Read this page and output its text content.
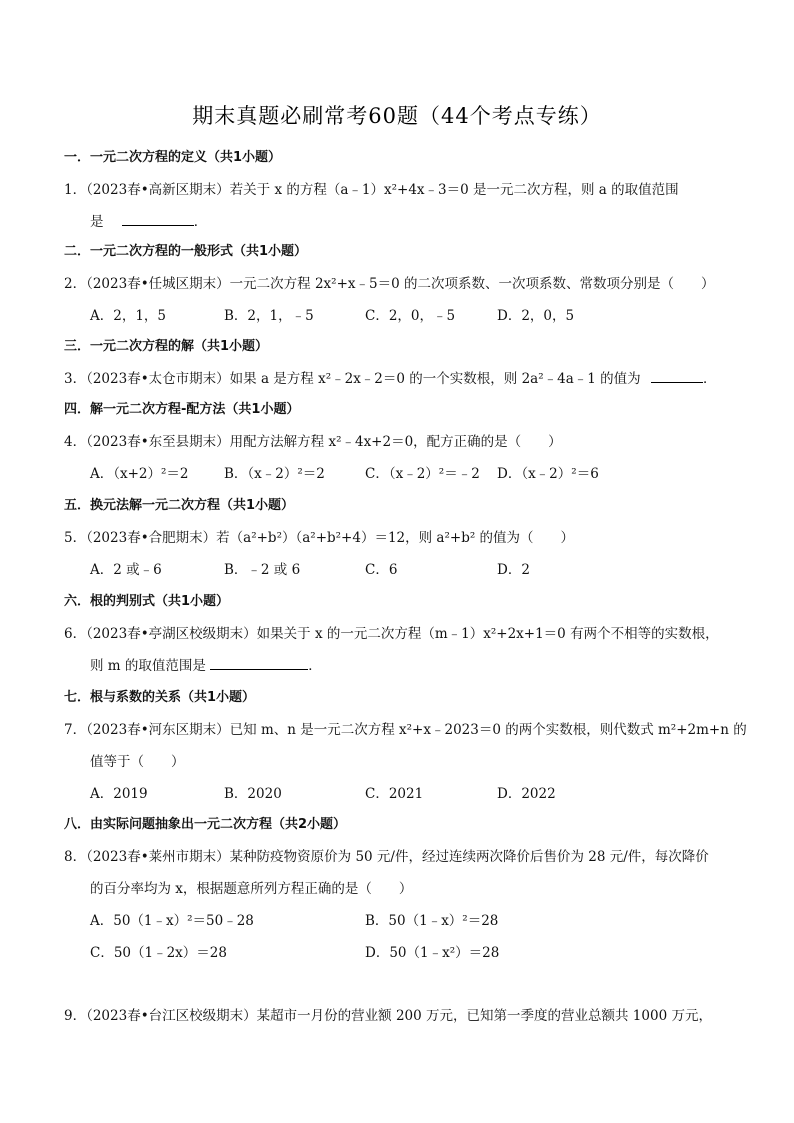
期末真题必刷常考60题（44个考点专练）
一．一元二次方程的定义（共1小题）
1．（2023春•高新区期末）若关于 x 的方程（a﹣1）x²+4x﹣3＝0 是一元二次方程，则 a 的取值范围
是	．
二．一元二次方程的一般形式（共1小题）
2．（2023春•任城区期末）一元二次方程 2x²+x﹣5＝0 的二次项系数、一次项系数、常数项分别是（　　）
A．2，1，5	B．2，1，﹣5	C．2，0，﹣5	D．2，0，5
三．一元二次方程的解（共1小题）
3．（2023春•太仓市期末）如果 a 是方程 x²﹣2x﹣2＝0 的一个实数根，则 2a²﹣4a﹣1 的值为	．
四．解一元二次方程-配方法（共1小题）
4．（2023春•东至县期末）用配方法解方程 x²﹣4x+2＝0，配方正确的是（　　）
A．（x+2）²＝2	B．（x﹣2）²＝2	C．（x﹣2）²＝﹣2 D．（x﹣2）²＝6
五．换元法解一元二次方程（共1小题）
5．（2023春•合肥期末）若（a²+b²）（a²+b²+4）＝12，则 a²+b² 的值为（　　）
A．2 或﹣6	B．﹣2 或 6	C．6	D．2
六．根的判别式（共1小题）
6．（2023春•亭湖区校级期末）如果关于 x 的一元二次方程（m﹣1）x²+2x+1＝0 有两个不相等的实数根，
则 m 的取值范围是	．
七．根与系数的关系（共1小题）
7．（2023春•河东区期末）已知 m、n 是一元二次方程 x²+x﹣2023＝0 的两个实数根，则代数式 m²+2m+n 的
值等于（　　）
A．2019	B．2020	C．2021	D．2022
八．由实际问题抽象出一元二次方程（共2小题）
8．（2023春•莱州市期末）某种防疫物资原价为 50 元/件，经过连续两次降价后售价为 28 元/件，每次降价
的百分率均为 x，根据题意所列方程正确的是（　　）
A．50（1﹣x）²＝50﹣28	B．50（1﹣x）²＝28
C．50（1﹣2x）＝28	D．50（1﹣x²）＝28
9．（2023春•台江区校级期末）某超市一月份的营业额 200 万元，已知第一季度的营业总额共 1000 万元，
